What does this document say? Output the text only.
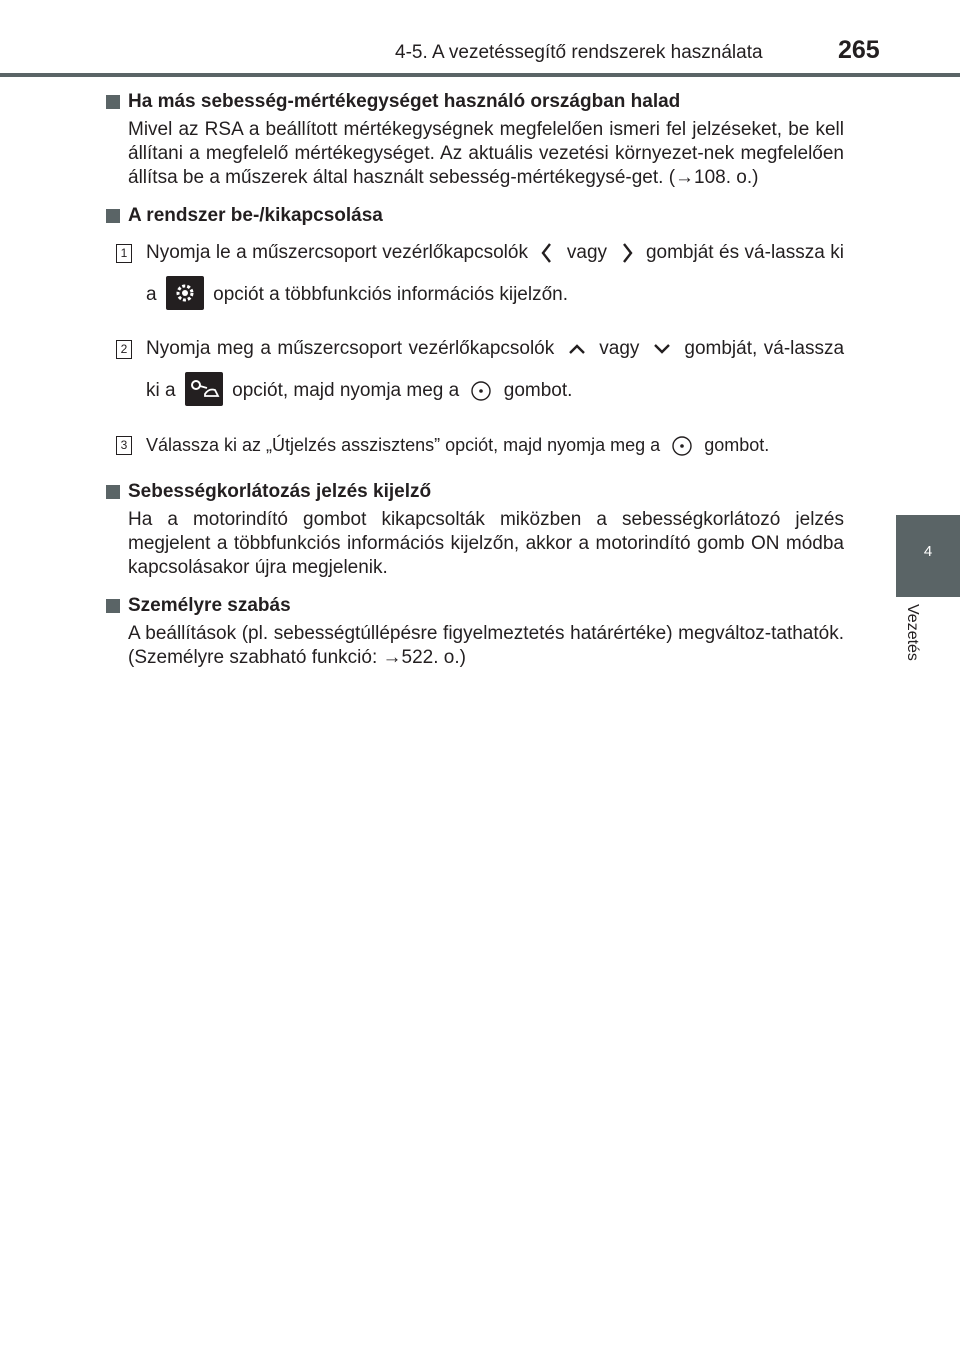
4-5. A vezetéssegítő rendszerek használata	265
4
Vezetés
Ha más sebesség-mértékegységet használó országban halad
Mivel az RSA a beállított mértékegységnek megfelelően ismeri fel jelzéseket, be kell állítani a megfelelő mértékegységet. Az aktuális vezetési környezet-nek megfelelően állítsa be a műszerek által használt sebesség-mértékegysé-get. (→108. o.)
A rendszer be-/kikapcsolása
1 Nyomja le a műszercsoport vezérlőkapcsolók vagy gombját és vá-lassza ki a	opciót a többfunkciós információs kijelzőn.
2 Nyomja meg a műszercsoport vezérlőkapcsolók vagy gombját, vá-lassza ki a	opciót, majd nyomja meg a gombot.
3 Válassza ki az „Útjelzés asszisztens” opciót, majd nyomja meg a gombot.
Sebességkorlátozás jelzés kijelző
Ha a motorindító gombot kikapcsolták miközben a sebességkorlátozó jelzés megjelent a többfunkciós információs kijelzőn, akkor a motorindító gomb ON módba kapcsolásakor újra megjelenik.
Személyre szabás
A beállítások (pl. sebességtúllépésre figyelmeztetés határértéke) megváltoz-tathatók. (Személyre szabható funkció: →522. o.)
